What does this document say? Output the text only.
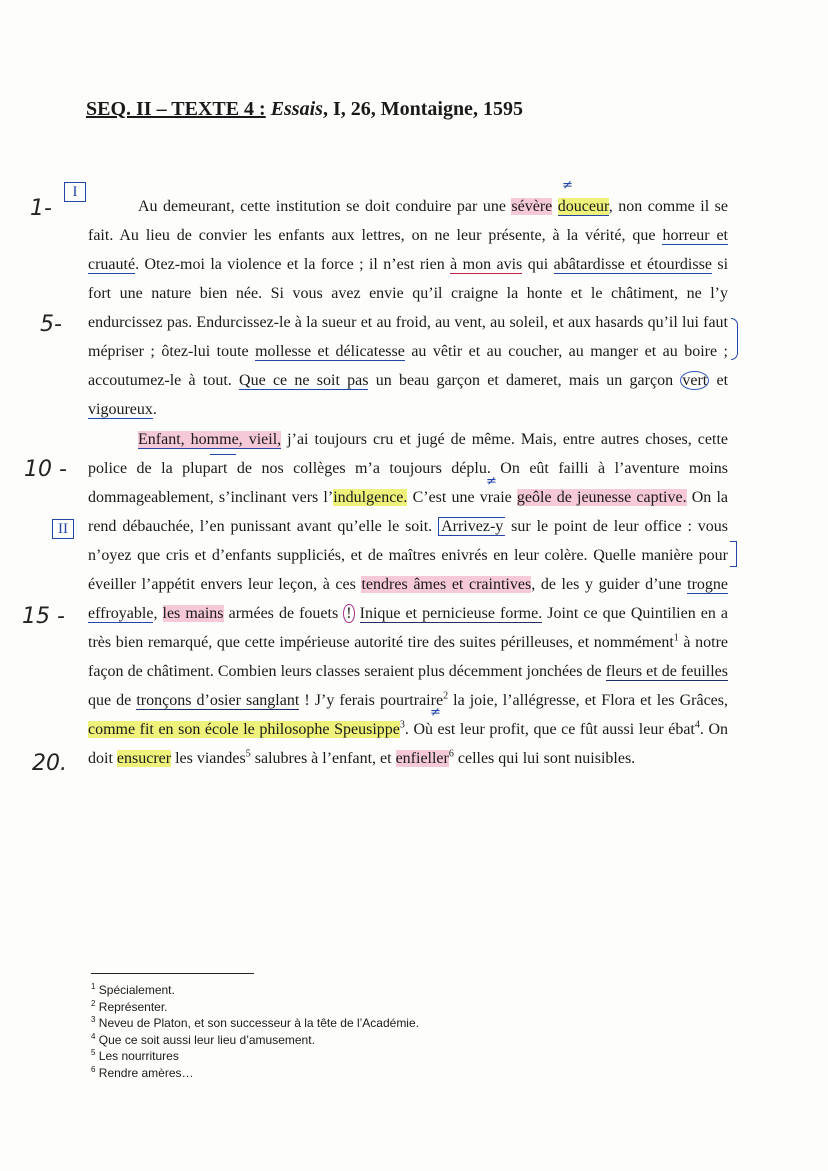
SEQ. II – TEXTE 4 : Essais, I, 26, Montaigne, 1595
1-
5-
10 -
15 -
20.
I
II
≠
≠
≠
Au demeurant, cette institution se doit conduire par une sévère douceur, non comme il se fait. Au lieu de convier les enfants aux lettres, on ne leur présente, à la vérité, que horreur et cruauté. Otez-moi la violence et la force ; il n’est rien à mon avis qui abâtardisse et étourdisse si fort une nature bien née. Si vous avez envie qu’il craigne la honte et le châtiment, ne l’y endurcissez pas. Endurcissez-le à la sueur et au froid, au vent, au soleil, et aux hasards qu’il lui faut mépriser ; ôtez-lui toute mollesse et délicatesse au vêtir et au coucher, au manger et au boire ; accoutumez-le à tout. Que ce ne soit pas un beau garçon et dameret, mais un garçon vert et vigoureux.
Enfant, homme, vieil, j’ai toujours cru et jugé de même. Mais, entre autres choses, cette police de la plupart de nos collèges m’a toujours déplu. On eût failli à l’aventure moins dommageablement, s’inclinant vers l’indulgence. C’est une vraie geôle de jeunesse captive. On la rend débauchée, l’en punissant avant qu’elle le soit. Arrivez-y sur le point de leur office : vous n’oyez que cris et d’enfants suppliciés, et de maîtres enivrés en leur colère. Quelle manière pour éveiller l’appétit envers leur leçon, à ces tendres âmes et craintives, de les y guider d’une trogne effroyable, les mains armées de fouets ! Inique et pernicieuse forme. Joint ce que Quintilien en a très bien remarqué, que cette impérieuse autorité tire des suites périlleuses, et nommément$^1$ à notre façon de châtiment. Combien leurs classes seraient plus décemment jonchées de fleurs et de feuilles que de tronçons d’osier sanglant ! J’y ferais pourtraire$^2$ la joie, l’allégresse, et Flora et les Grâces, comme fit en son école le philosophe Speusippe$^3$. Où est leur profit, que ce fût aussi leur ébat$^4$. On doit ensucrer les viandes$^5$ salubres à l’enfant, et enfieller$^6$ celles qui lui sont nuisibles.
$^1$ Spécialement.
$^2$ Représenter.
$^3$ Neveu de Platon, et son successeur à la tête de l’Académie.
$^4$ Que ce soit aussi leur lieu d’amusement.
$^5$ Les nourritures
$^6$ Rendre amères…
